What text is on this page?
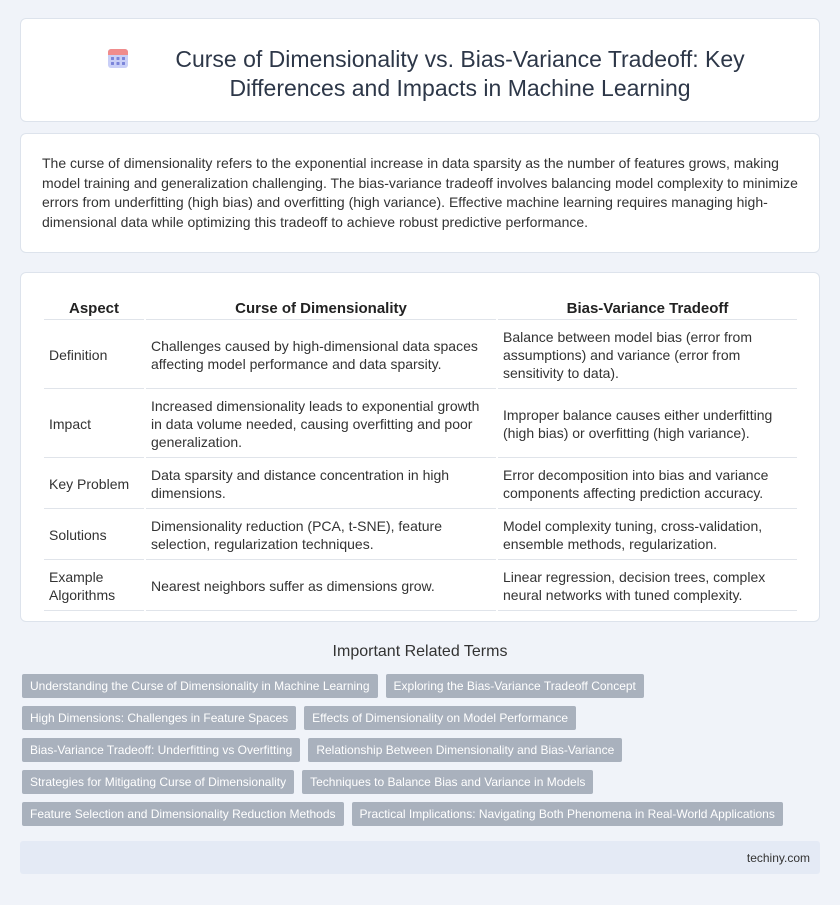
Curse of Dimensionality vs. Bias-Variance Tradeoff: Key Differences and Impacts in Machine Learning

The curse of dimensionality refers to the exponential increase in data sparsity as the number of features grows, making model training and generalization challenging. The bias-variance tradeoff involves balancing model complexity to minimize errors from underfitting (high bias) and overfitting (high variance). Effective machine learning requires managing high-dimensional data while optimizing this tradeoff to achieve robust predictive performance.

Aspect	Curse of Dimensionality	Bias-Variance Tradeoff
Definition	Challenges caused by high-dimensional data spaces affecting model performance and data sparsity.	Balance between model bias (error from assumptions) and variance (error from sensitivity to data).
Impact	Increased dimensionality leads to exponential growth in data volume needed, causing overfitting and poor generalization.	Improper balance causes either underfitting (high bias) or overfitting (high variance).
Key Problem	Data sparsity and distance concentration in high dimensions.	Error decomposition into bias and variance components affecting prediction accuracy.
Solutions	Dimensionality reduction (PCA, t-SNE), feature selection, regularization techniques.	Model complexity tuning, cross-validation, ensemble methods, regularization.
Example Algorithms	Nearest neighbors suffer as dimensions grow.	Linear regression, decision trees, complex neural networks with tuned complexity.
Important Related Terms
Understanding the Curse of Dimensionality in Machine Learning	Exploring the Bias-Variance Tradeoff Concept
High Dimensions: Challenges in Feature Spaces	Effects of Dimensionality on Model Performance
Bias-Variance Tradeoff: Underfitting vs Overfitting	Relationship Between Dimensionality and Bias-Variance
Strategies for Mitigating Curse of Dimensionality	Techniques to Balance Bias and Variance in Models
Feature Selection and Dimensionality Reduction Methods	Practical Implications: Navigating Both Phenomena in Real-World Applications
techiny.com
